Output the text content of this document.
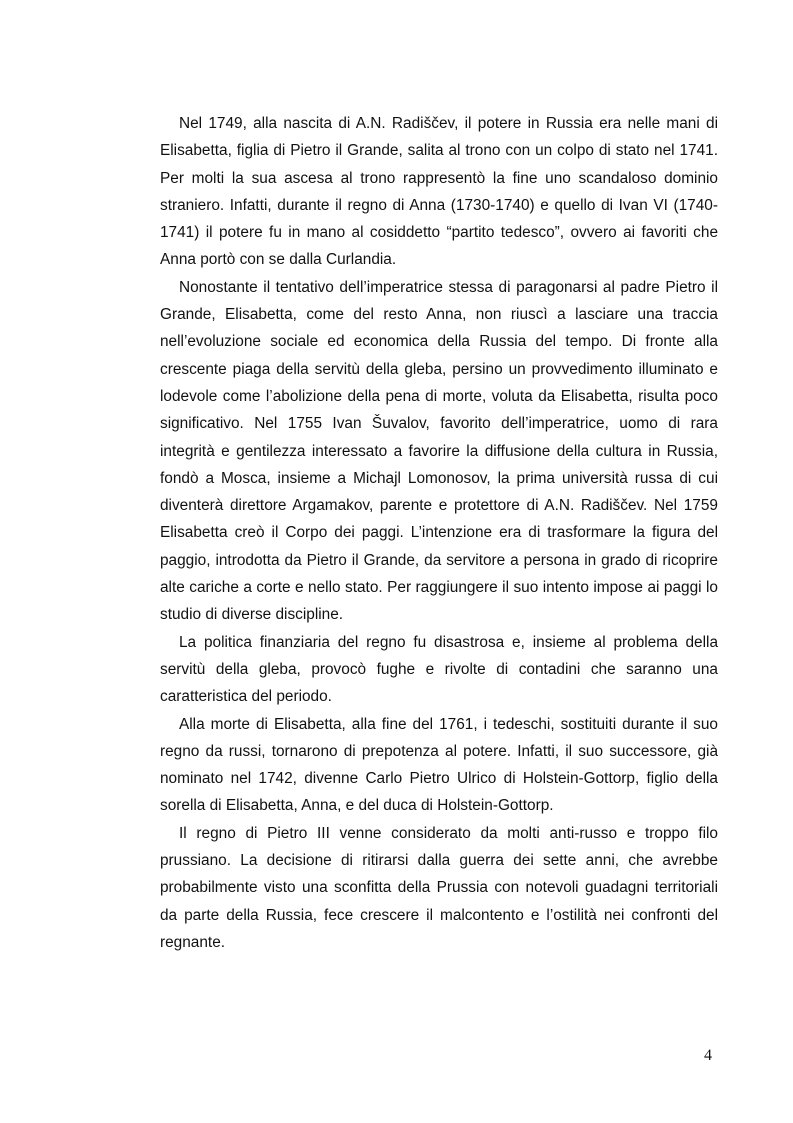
Nel 1749, alla nascita di A.N. Radiščev, il potere in Russia era nelle mani di Elisabetta, figlia di Pietro il Grande, salita al trono con un colpo di stato nel 1741. Per molti la sua ascesa al trono rappresentò la fine uno scandaloso dominio straniero. Infatti, durante il regno di Anna (1730-1740) e quello di Ivan VI (1740-1741) il potere fu in mano al cosiddetto “partito tedesco”, ovvero ai favoriti che Anna portò con se dalla Curlandia.

Nonostante il tentativo dell’imperatrice stessa di paragonarsi al padre Pietro il Grande, Elisabetta, come del resto Anna, non riuscì a lasciare una traccia nell’evoluzione sociale ed economica della Russia del tempo. Di fronte alla crescente piaga della servitù della gleba, persino un provvedimento illuminato e lodevole come l’abolizione della pena di morte, voluta da Elisabetta, risulta poco significativo. Nel 1755 Ivan Šuvalov, favorito dell’imperatrice, uomo di rara integrità e gentilezza interessato a favorire la diffusione della cultura in Russia, fondò a Mosca, insieme a Michajl Lomonosov, la prima università russa di cui diventerà direttore Argamakov, parente e protettore di A.N. Radiščev. Nel 1759 Elisabetta creò il Corpo dei paggi. L’intenzione era di trasformare la figura del paggio, introdotta da Pietro il Grande, da servitore a persona in grado di ricoprire alte cariche a corte e nello stato. Per raggiungere il suo intento impose ai paggi lo studio di diverse discipline.

La politica finanziaria del regno fu disastrosa e, insieme al problema della servitù della gleba, provocò fughe e rivolte di contadini che saranno una caratteristica del periodo.

Alla morte di Elisabetta, alla fine del 1761, i tedeschi, sostituiti durante il suo regno da russi, tornarono di prepotenza al potere. Infatti, il suo successore, già nominato nel 1742, divenne Carlo Pietro Ulrico di Holstein-Gottorp, figlio della sorella di Elisabetta, Anna, e del duca di Holstein-Gottorp.

Il regno di Pietro III venne considerato da molti anti-russo e troppo filo prussiano. La decisione di ritirarsi dalla guerra dei sette anni, che avrebbe probabilmente visto una sconfitta della Prussia con notevoli guadagni territoriali da parte della Russia, fece crescere il malcontento e l’ostilità nei confronti del regnante.

4
